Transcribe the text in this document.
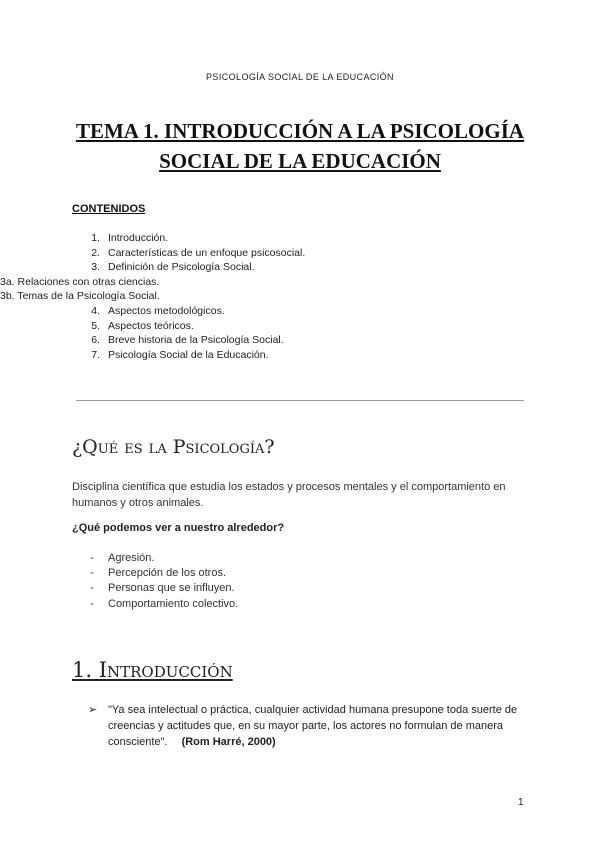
PSICOLOGÍA SOCIAL DE LA EDUCACIÓN
TEMA 1. INTRODUCCIÓN A LA PSICOLOGÍA
SOCIAL DE LA EDUCACIÓN
CONTENIDOS
1. Introducción.
2. Características de un enfoque psicosocial.
3. Definición de Psicología Social.
3a. Relaciones con otras ciencias.
3b. Temas de la Psicología Social.
4. Aspectos metodológicos.
5. Aspectos teóricos.
6. Breve historia de la Psicología Social.
7. Psicología Social de la Educación.
¿Qué es la Psicología?
Disciplina científica que estudia los estados y procesos mentales y el comportamiento en humanos y otros animales.
¿Qué podemos ver a nuestro alrededor?
- Agresión.
- Percepción de los otros.
- Personas que se influyen.
- Comportamiento colectivo.
1. Introducción
➢ "Ya sea intelectual o práctica, cualquier actividad humana presupone toda suerte de creencias y actitudes que, en su mayor parte, los actores no formulan de manera consciente". (Rom Harré, 2000)
1
